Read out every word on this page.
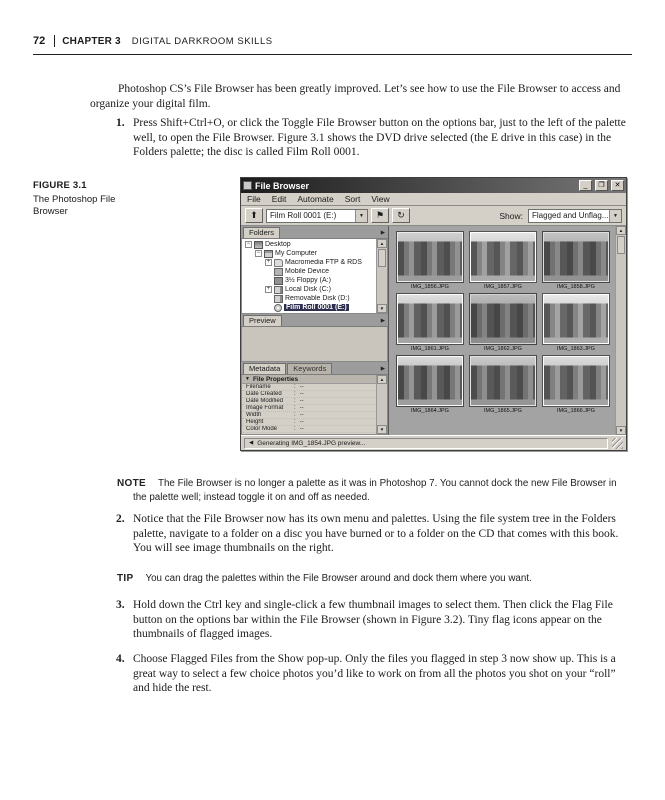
72 CHAPTER 3 DIGITAL DARKROOM SKILLS

Photoshop CS’s File Browser has been greatly improved. Let’s see how to use the File Browser to access and organize your digital film.

1. Press Shift+Ctrl+O, or click the Toggle File Browser button on the options bar, just to the left of the palette well, to open the File Browser. Figure 3.1 shows the DVD drive selected (the E drive in this case) in the Folders palette; the disc is called Film Roll 0001.
FIGURE 3.1
The Photoshop File Browser
File Browser	_	❐	✕
File Edit Automate Sort View
⬆	Film Roll 0001 (E:)	▼	⚑	↻	Show:	Flagged and Unflag... ▼
Folders	▶
− Desktop
− My Computer
+ Macromedia FTP & RDS
Mobile Device
3½ Floppy (A:)
+ Local Disk (C:)
Removable Disk (D:)
Film Roll 0001 (E:)
▲
▼
Preview	▶
Metadata	Keywords	▶
▼ File Properties
Filename	: --
Date Created	: --
Date Modified	: --
Image Format	: --
Width	: --
Height	: --
Color Mode	: --
▲
▼
IMG_1856.JPG	IMG_1857.JPG	IMG_1858.JPG
IMG_1861.JPG	IMG_1862.JPG	IMG_1863.JPG
IMG_1864.JPG	IMG_1865.JPG	IMG_1866.JPG
▲
▼
◀ Generating IMG_1854.JPG preview...
NOTE The File Browser is no longer a palette as it was in Photoshop 7. You cannot dock the new File Browser in the palette well; instead toggle it on and off as needed.
2. Notice that the File Browser now has its own menu and palettes. Using the file system tree in the Folders palette, navigate to a folder on a disc you have burned or to a folder on the CD that comes with this book. You will see image thumbnails on the right.
TIP You can drag the palettes within the File Browser around and dock them where you want.
3. Hold down the Ctrl key and single-click a few thumbnail images to select them. Then click the Flag File button on the options bar within the File Browser (shown in Figure 3.2). Tiny flag icons appear on the thumbnails of flagged images.
4. Choose Flagged Files from the Show pop-up. Only the files you flagged in step 3 now show up. This is a great way to select a few choice photos you’d like to work on from all the photos you shot on your “roll” and hide the rest.
